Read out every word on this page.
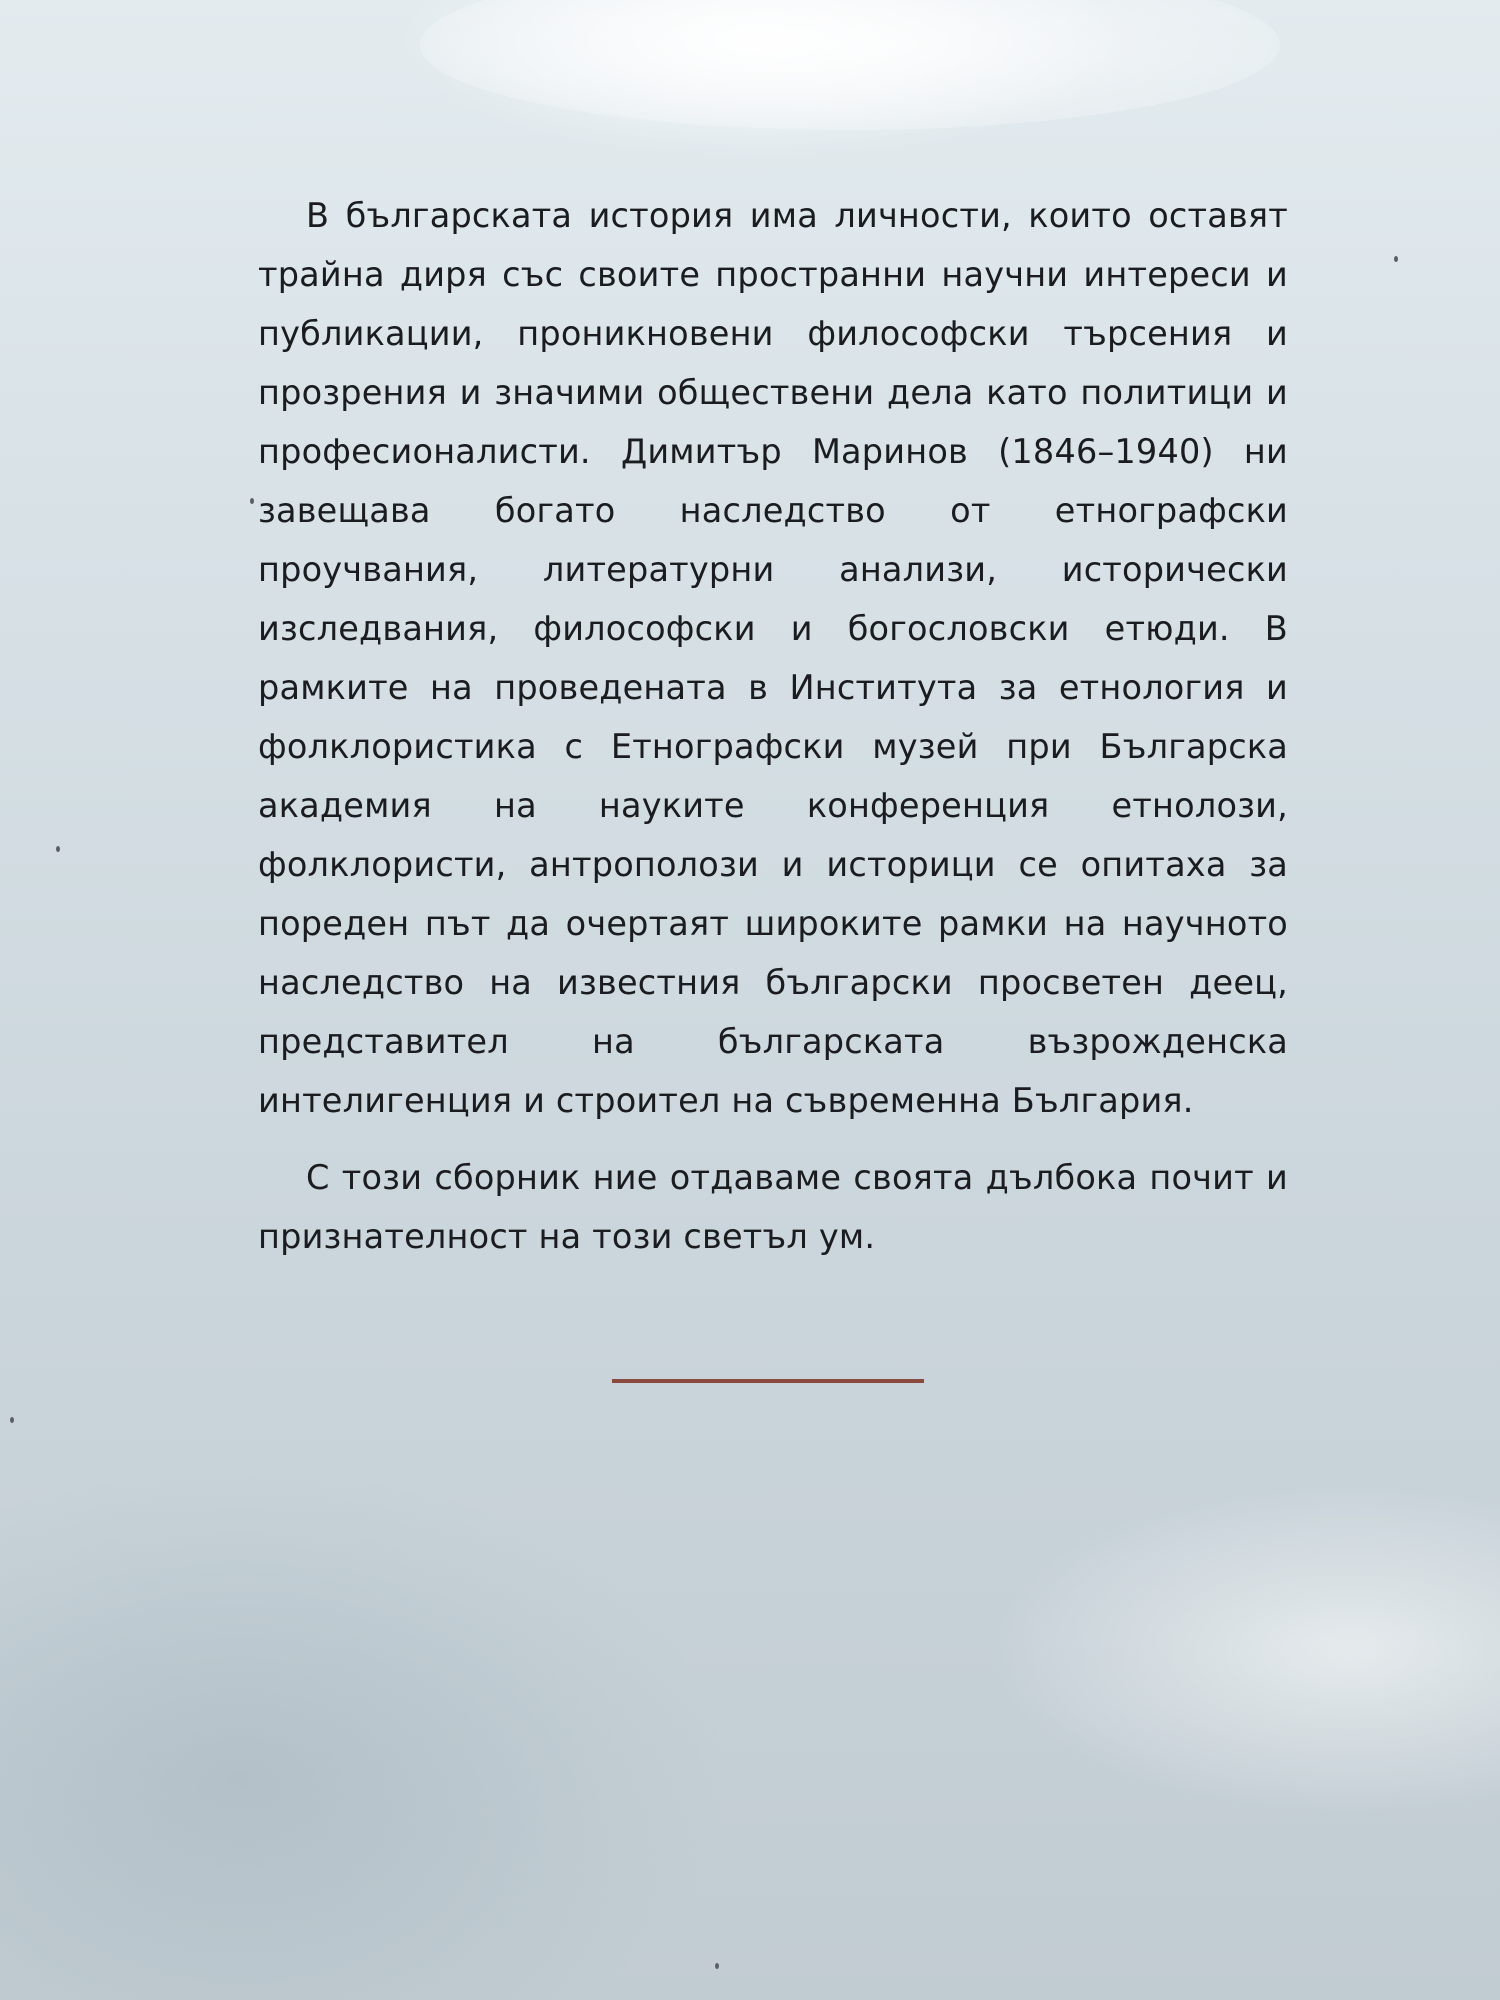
В българската история има личности, които оставят трайна диря със своите пространни научни интереси и публикации, проникновени философски търсения и прозрения и значими обществени дела като политици и професионалисти. Димитър Маринов (1846–1940) ни завещава богато наследство от етнографски проучвания, литературни анализи, исторически изследвания, философски и богословски етюди. В рамките на проведената в Института за етнология и фолклористика с Етнографски музей при Българска академия на науките конференция етнолози, фолклористи, антрополози и историци се опитаха за пореден път да очертаят широките рамки на научното наследство на известния български просветен деец, представител на българската възрожденска интелигенция и строител на съвременна България.

С този сборник ние отдаваме своята дълбока почит и признателност на този светъл ум.
